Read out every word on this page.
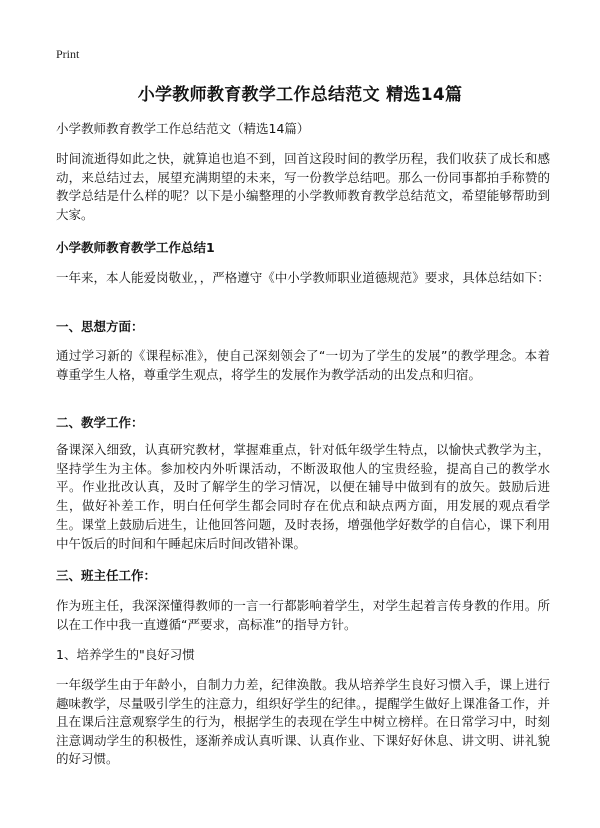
Print
小学教师教育教学工作总结范文 精选14篇
小学教师教育教学工作总结范文（精选14篇）
时间流逝得如此之快，就算追也追不到，回首这段时间的教学历程，我们收获了成长和感动，来总结过去，展望充满期望的未来，写一份教学总结吧。那么一份同事都拍手称赞的教学总结是什么样的呢？以下是小编整理的小学教师教育教学总结范文，希望能够帮助到大家。
小学教师教育教学工作总结1
一年来，本人能爱岗敬业，，严格遵守《中小学教师职业道德规范》要求，具体总结如下：
一、思想方面：
通过学习新的《课程标准》，使自己深刻领会了“一切为了学生的发展”的教学理念。本着尊重学生人格，尊重学生观点，将学生的发展作为教学活动的出发点和归宿。
二、教学工作：
备课深入细致，认真研究教材，掌握难重点，针对低年级学生特点，以愉快式教学为主，坚持学生为主体。参加校内外听课活动，不断汲取他人的宝贵经验，提高自己的教学水平。作业批改认真，及时了解学生的学习情况，以便在辅导中做到有的放矢。鼓励后进生，做好补差工作，明白任何学生都会同时存在优点和缺点两方面，用发展的观点看学生。课堂上鼓励后进生，让他回答问题，及时表扬，增强他学好数学的自信心，课下利用中午饭后的时间和午睡起床后时间改错补课。
三、班主任工作：
作为班主任，我深深懂得教师的一言一行都影响着学生，对学生起着言传身教的作用。所以在工作中我一直遵循“严要求，高标准”的指导方针。
1、培养学生的"良好习惯
一年级学生由于年龄小，自制力力差，纪律涣散。我从培养学生良好习惯入手，课上进行趣味教学，尽量吸引学生的注意力，组织好学生的纪律。，提醒学生做好上课准备工作，并且在课后注意观察学生的行为，根据学生的表现在学生中树立榜样。在日常学习中，时刻注意调动学生的积极性，逐渐养成认真听课、认真作业、下课好好休息、讲文明、讲礼貌的好习惯。
